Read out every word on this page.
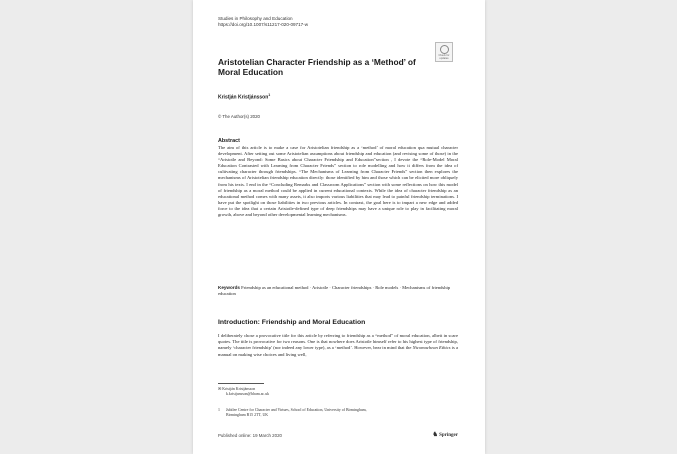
Studies in Philosophy and Education
https://doi.org/10.1007/s11217-020-09717-w
Check for updates
Aristotelian Character Friendship as a ‘Method’ of Moral Education
Kristján Kristjánsson$^1$
© The Author(s) 2020
Abstract
The aim of this article is to make a case for Aristotelian friendship as a ‘method’ of moral education qua mutual character development. After setting out some Aristotelian assumptions about friendship and education (and revising some of those) in the “Aristotle and Beyond: Some Basics about Character Friendship and Education”section , I devote the “Role-Model Moral Education Contrasted with Learning from Character Friends” section to role modelling and how it differs from the idea of cultivating character through friendships. “The Mechanisms of Learning from Character Friends” section then explores the mechanisms of Aristotelian friendship education directly: those identified by him and those which can be elicited more obliquely from his texts. I end in the “Concluding Remarks and Classroom Applications” section with some reflections on how this model of friendship as a moral method could be applied in current educational contexts. While the idea of character friendship as an educational method comes with many assets, it also imports various liabilities that may lead to painful friendship terminations. I have put the spotlight on those liabilities in two previous articles. In contrast, the goal here is to impart a new edge and added force to the idea that a certain Aristotle-defined type of deep friendships may have a unique role to play in facilitating moral growth, above and beyond other developmental learning mechanisms.
Keywords Friendship as an educational method · Aristotle · Character friendships · Role models · Mechanisms of friendship education
Introduction: Friendship and Moral Education
I deliberately chose a provocative title for this article by referring to friendship as a “method” of moral education, albeit in scare quotes. The title is provocative for two reasons. One is that nowhere does Aristotle himself refer to his highest type of friendship, namely ‘character friendship’ (nor indeed any lower type), as a ‘method’. However, bear in mind that the Nicomachean Ethics is a manual on making wise choices and living well,
✉ Kristján Kristjánsson
k.kristjansson@bham.ac.uk
1 Jubilee Centre for Character and Virtues, School of Education, University of Birmingham,
Birmingham B15 2TT, UK
Published online: 19 March 2020	♞ Springer
